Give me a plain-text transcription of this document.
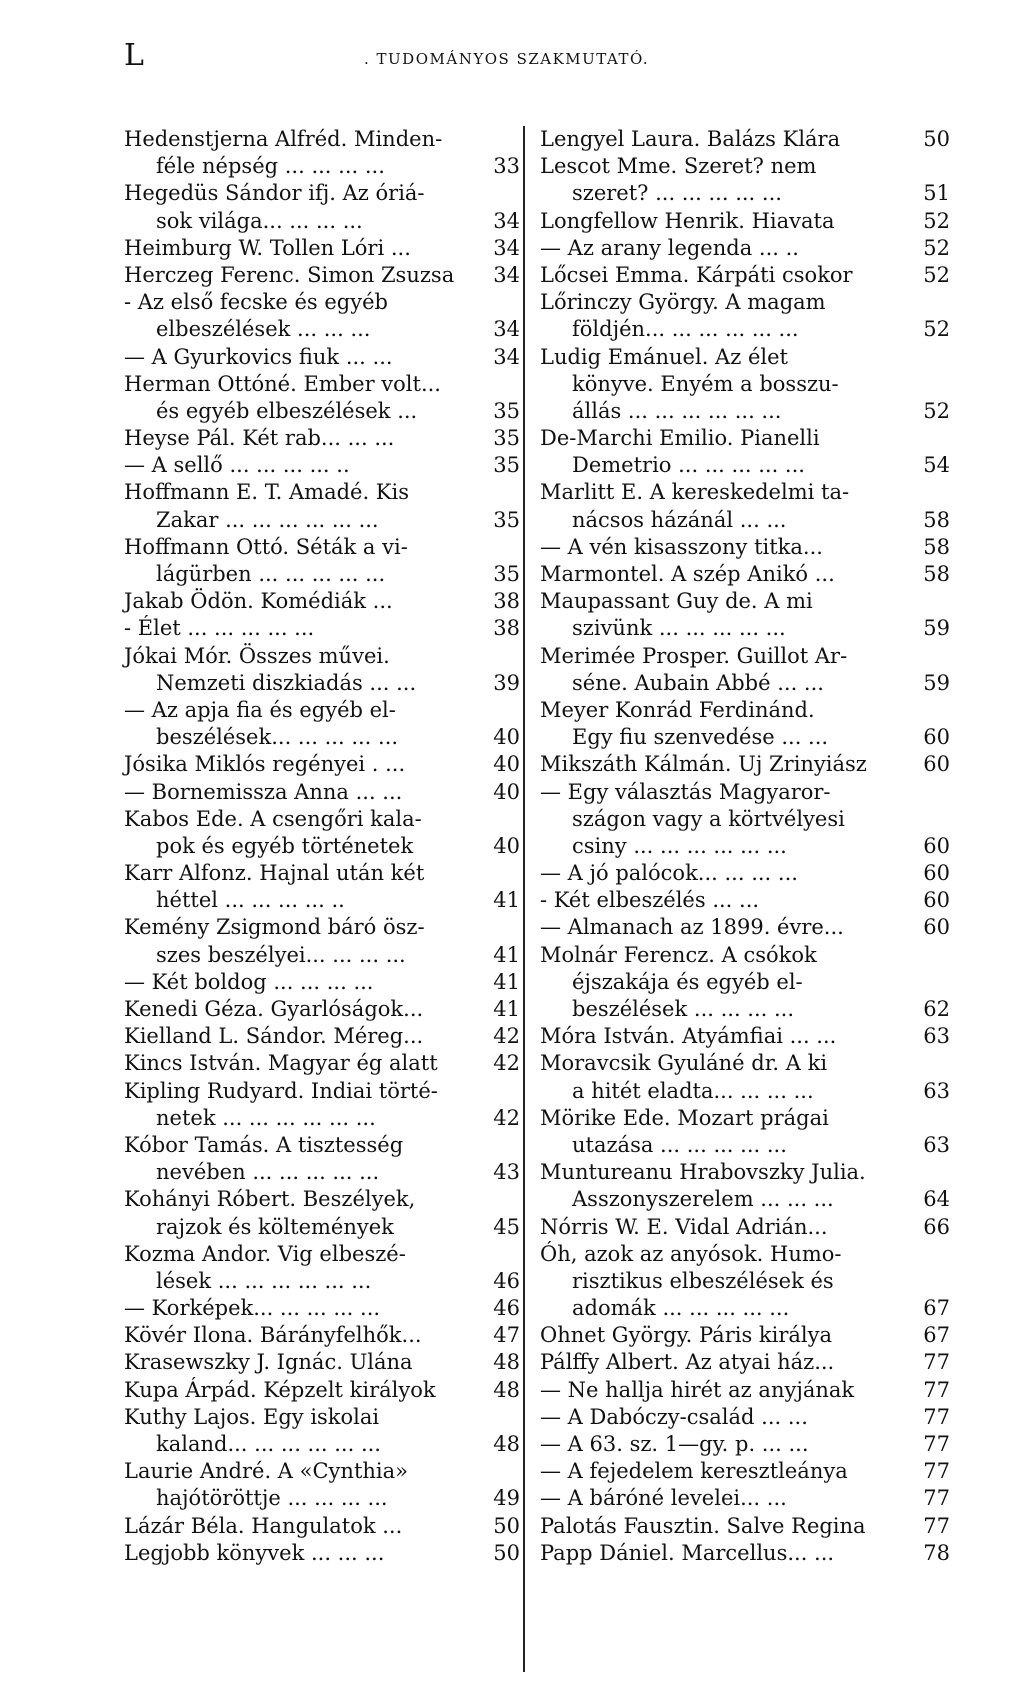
L	. TUDOMÁNYOS SZAKMUTATÓ.
Hedenstjerna Alfréd. Minden-
féle népség ... ... ... ...	33
Hegedüs Sándor ifj. Az óriá-
sok világa... ... ... ...	34
Heimburg W. Tollen Lóri ...	34
Herczeg Ferenc. Simon Zsuzsa	34
- Az első fecske és egyéb
elbeszélések ... ... ...	34
— A Gyurkovics fiuk ... ...	34
Herman Ottóné. Ember volt...
és egyéb elbeszélések ...	35
Heyse Pál. Két rab... ... ...	35
— A sellő ... ... ... ... ..	35
Hoffmann E. T. Amadé. Kis
Zakar ... ... ... ... ... ...	35
Hoffmann Ottó. Séták a vi-
lágürben ... ... ... ... ...	35
Jakab Ödön. Komédiák ...	38
- Élet ... ... ... ... ...	38
Jókai Mór. Összes művei.
Nemzeti diszkiadás ... ...	39
— Az apja fia és egyéb el-
beszélések... ... ... ... ...	40
Jósika Miklós regényei . ...	40
— Bornemissza Anna ... ...	40
Kabos Ede. A csengőri kala-
pok és egyéb történetek	40
Karr Alfonz. Hajnal után két
héttel ... ... ... ... ..	41
Kemény Zsigmond báró ösz-
szes beszélyei... ... ... ...	41
— Két boldog ... ... ... ...	41
Kenedi Géza. Gyarlóságok...	41
Kielland L. Sándor. Méreg...	42
Kincs István. Magyar ég alatt	42
Kipling Rudyard. Indiai törté-
netek ... ... ... ... ... ...	42
Kóbor Tamás. A tisztesség
nevében ... ... ... ... ...	43
Kohányi Róbert. Beszélyek,
rajzok és költemények	45
Kozma Andor. Vig elbeszé-
lések ... ... ... ... ... ...	46
— Korképek... ... ... ... ...	46
Kövér Ilona. Bárányfelhők...	47
Krasewszky J. Ignác. Ulána	48
Kupa Árpád. Képzelt királyok	48
Kuthy Lajos. Egy iskolai
kaland... ... ... ... ... ...	48
Laurie André. A «Cynthia»
hajótöröttje ... ... ... ...	49
Lázár Béla. Hangulatok ...	50
Legjobb könyvek ... ... ...	50
Lengyel Laura. Balázs Klára	50
Lescot Mme. Szeret? nem
szeret? ... ... ... ... ...	51
Longfellow Henrik. Hiavata	52
— Az arany legenda ... ..	52
Lőcsei Emma. Kárpáti csokor	52
Lőrinczy György. A magam
földjén... ... ... ... ... ...	52
Ludig Emánuel. Az élet
könyve. Enyém a bosszu-
állás ... ... ... ... ... ...	52
De-Marchi Emilio. Pianelli
Demetrio ... ... ... ... ...	54
Marlitt E. A kereskedelmi ta-
nácsos házánál ... ...	58
— A vén kisasszony titka...	58
Marmontel. A szép Anikó ...	58
Maupassant Guy de. A mi
szivünk ... ... ... ... ...	59
Merimée Prosper. Guillot Ar-
séne. Aubain Abbé ... ...	59
Meyer Konrád Ferdinánd.
Egy fiu szenvedése ... ...	60
Mikszáth Kálmán. Uj Zrinyiász	60
— Egy választás Magyaror-
szágon vagy a körtvélyesi
csiny ... ... ... ... ... ...	60
— A jó palócok... ... ... ...	60
- Két elbeszélés ... ...	60
— Almanach az 1899. évre...	60
Molnár Ferencz. A csókok
éjszakája és egyéb el-
beszélések ... ... ... ...	62
Móra István. Atyámfiai ... ...	63
Moravcsik Gyuláné dr. A ki
a hitét eladta... ... ... ...	63
Mörike Ede. Mozart prágai
utazása ... ... ... ... ...	63
Muntureanu Hrabovszky Julia.
Asszonyszerelem ... ... ...	64
Nórris W. E. Vidal Adrián...	66
Óh, azok az anyósok. Humo-
risztikus elbeszélések és
adomák ... ... ... ... ...	67
Ohnet György. Páris királya	67
Pálffy Albert. Az atyai ház...	77
— Ne hallja hirét az anyjának	77
— A Dabóczy-család ... ...	77
— A 63. sz. 1—gy. p. ... ...	77
— A fejedelem keresztleánya	77
— A báróné levelei... ...	77
Palotás Fausztin. Salve Regina	77
Papp Dániel. Marcellus... ...	78
